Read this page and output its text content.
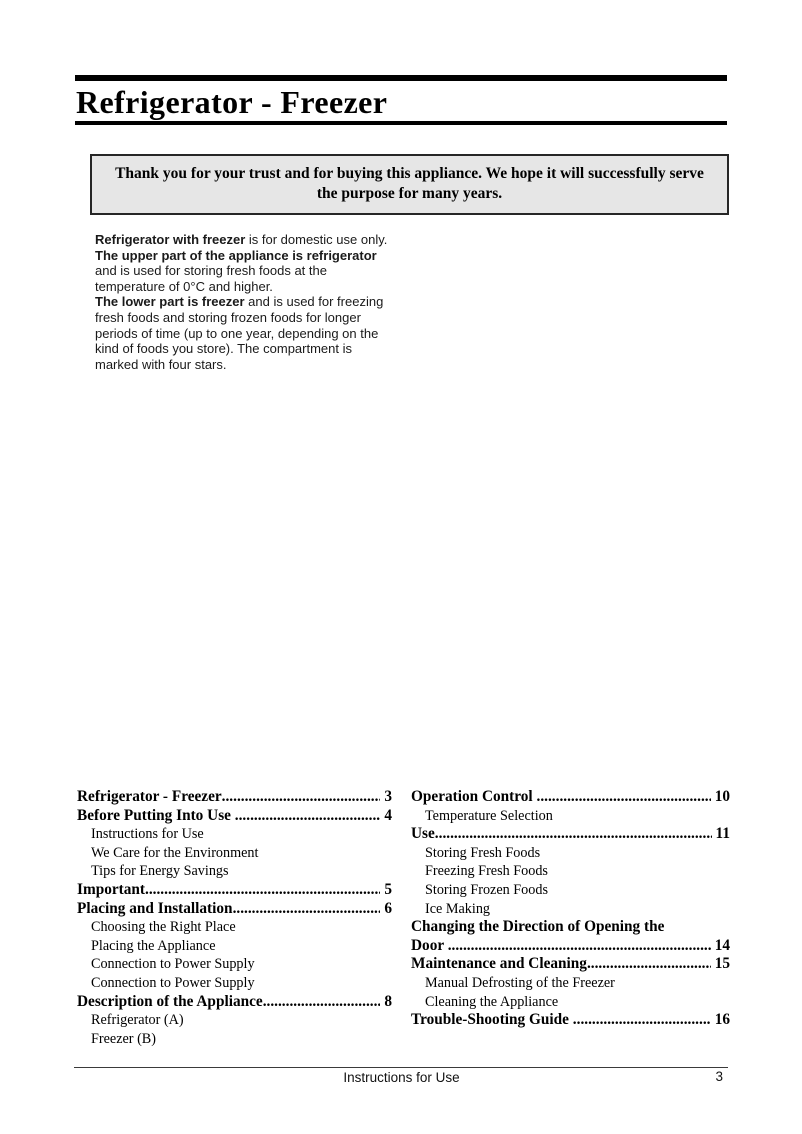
Refrigerator - Freezer

Thank you for your trust and for buying this appliance. We hope it will successfully serve the purpose for many years.

Refrigerator with freezer is for domestic use only.

The upper part of the appliance is refrigerator and is used for storing fresh foods at the temperature of 0°C and higher.

The lower part is freezer and is used for freezing fresh foods and storing frozen foods for longer periods of time (up to one year, depending on the kind of foods you store). The compartment is marked with four stars.

Refrigerator - Freezer .....	3
Before Putting Into Use .....	4
Instructions for Use
We Care for the Environment
Tips for Energy Savings
Important .....	5
Placing and Installation .....	6
Choosing the Right Place
Placing the Appliance
Connection to Power Supply
Connection to Power Supply
Description of the Appliance .....	8
Refrigerator (A)
Freezer (B)
Operation Control .....	10
Temperature Selection
Use .....	11
Storing Fresh Foods
Freezing Fresh Foods
Storing Frozen Foods
Ice Making
Changing the Direction of Opening the
Door .....	14
Maintenance and Cleaning .....	15
Manual Defrosting of the Freezer
Cleaning the Appliance
Trouble-Shooting Guide .....	16
Instructions for Use	3
